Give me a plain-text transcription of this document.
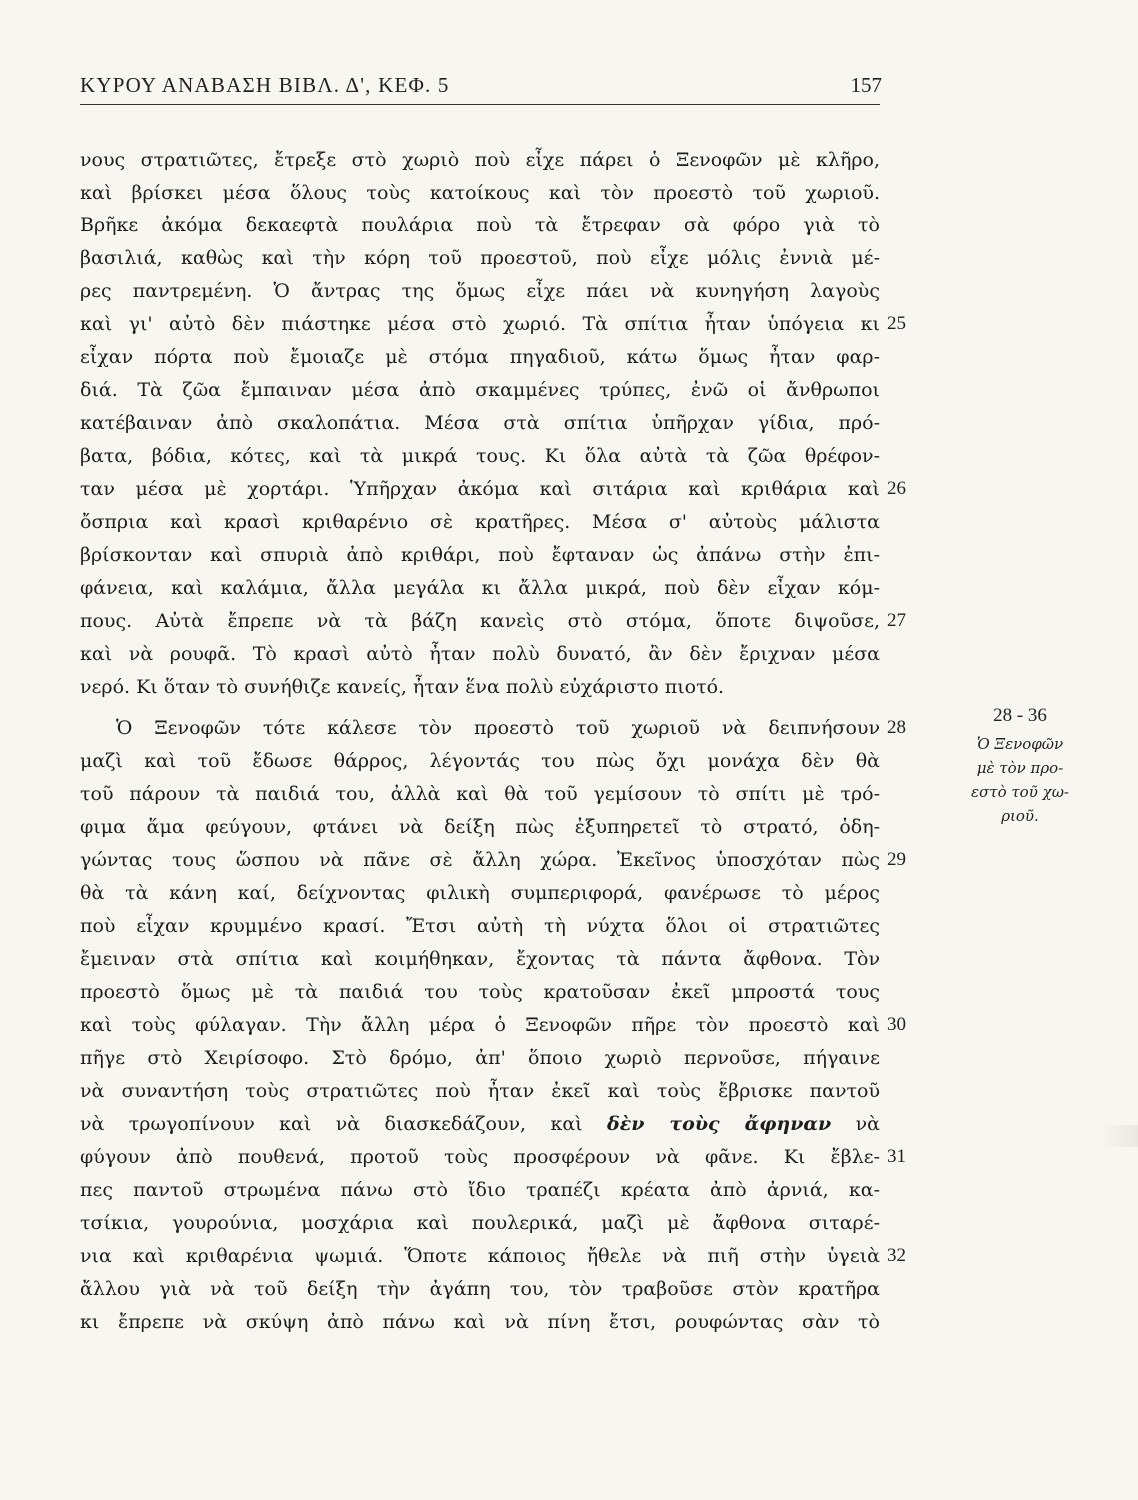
ΚΥΡΟΥ ΑΝΑΒΑΣΗ ΒΙΒΛ. Δ', ΚΕΦ. 5	157
νους στρατιῶτες, ἔτρεξε στὸ χωριὸ ποὺ εἶχε πάρει ὁ Ξενοφῶν μὲ κλῆρο,
καὶ βρίσκει μέσα ὅλους τοὺς κατοίκους καὶ τὸν προεστὸ τοῦ χωριοῦ.
Βρῆκε ἀκόμα δεκαεφτὰ πουλάρια ποὺ τὰ ἔτρεφαν σὰ φόρο γιὰ τὸ
βασιλιά, καθὼς καὶ τὴν κόρη τοῦ προεστοῦ, ποὺ εἶχε μόλις ἐννιὰ μέ-
ρες παντρεμένη. Ὁ ἄντρας της ὅμως εἶχε πάει νὰ κυνηγήση λαγοὺς
καὶ γι' αὐτὸ δὲν πιάστηκε μέσα στὸ χωριό. Τὰ σπίτια ἦταν ὑπόγεια κι
εἶχαν πόρτα ποὺ ἔμοιαζε μὲ στόμα πηγαδιοῦ, κάτω ὅμως ἦταν φαρ-
διά. Τὰ ζῶα ἔμπαιναν μέσα ἀπὸ σκαμμένες τρύπες, ἐνῶ οἱ ἄνθρωποι
κατέβαιναν ἀπὸ σκαλοπάτια. Μέσα στὰ σπίτια ὑπῆρχαν γίδια, πρό-
βατα, βόδια, κότες, καὶ τὰ μικρά τους. Κι ὅλα αὐτὰ τὰ ζῶα θρέφον-
ταν μέσα μὲ χορτάρι. Ὑπῆρχαν ἀκόμα καὶ σιτάρια καὶ κριθάρια καὶ
ὄσπρια καὶ κρασὶ κριθαρένιο σὲ κρατῆρες. Μέσα σ' αὐτοὺς μάλιστα
βρίσκονταν καὶ σπυριὰ ἀπὸ κριθάρι, ποὺ ἔφταναν ὡς ἀπάνω στὴν ἐπι-
φάνεια, καὶ καλάμια, ἄλλα μεγάλα κι ἄλλα μικρά, ποὺ δὲν εἶχαν κόμ-
πους. Αὐτὰ ἔπρεπε νὰ τὰ βάζη κανεὶς στὸ στόμα, ὅποτε διψοῦσε,
καὶ νὰ ρουφᾶ. Τὸ κρασὶ αὐτὸ ἦταν πολὺ δυνατό, ἂν δὲν ἔριχναν μέσα
νερό. Κι ὅταν τὸ συνήθιζε κανείς, ἦταν ἕνα πολὺ εὐχάριστο πιοτό.
Ὁ Ξενοφῶν τότε κάλεσε τὸν προεστὸ τοῦ χωριοῦ νὰ δειπνήσουν
μαζὶ καὶ τοῦ ἔδωσε θάρρος, λέγοντάς του πὼς ὄχι μονάχα δὲν θὰ
τοῦ πάρουν τὰ παιδιά του, ἀλλὰ καὶ θὰ τοῦ γεμίσουν τὸ σπίτι μὲ τρό-
φιμα ἅμα φεύγουν, φτάνει νὰ δείξη πὼς ἐξυπηρετεῖ τὸ στρατό, ὁδη-
γώντας τους ὥσπου νὰ πᾶνε σὲ ἄλλη χώρα. Ἐκεῖνος ὑποσχόταν πὼς
θὰ τὰ κάνη καί, δείχνοντας φιλικὴ συμπεριφορά, φανέρωσε τὸ μέρος
ποὺ εἶχαν κρυμμένο κρασί. Ἔτσι αὐτὴ τὴ νύχτα ὅλοι οἱ στρατιῶτες
ἔμειναν στὰ σπίτια καὶ κοιμήθηκαν, ἔχοντας τὰ πάντα ἄφθονα. Τὸν
προεστὸ ὅμως μὲ τὰ παιδιά του τοὺς κρατοῦσαν ἐκεῖ μπροστά τους
καὶ τοὺς φύλαγαν. Τὴν ἄλλη μέρα ὁ Ξενοφῶν πῆρε τὸν προεστὸ καὶ
πῆγε στὸ Χειρίσοφο. Στὸ δρόμο, ἀπ' ὅποιο χωριὸ περνοῦσε, πήγαινε
νὰ συναντήση τοὺς στρατιῶτες ποὺ ἦταν ἐκεῖ καὶ τοὺς ἔβρισκε παντοῦ
νὰ τρωγοπίνουν καὶ νὰ διασκεδάζουν, καὶ δὲν τοὺς ἄφηναν νὰ
φύγουν ἀπὸ πουθενά, προτοῦ τοὺς προσφέρουν νὰ φᾶνε. Κι ἔβλε-
πες παντοῦ στρωμένα πάνω στὸ ἴδιο τραπέζι κρέατα ἀπὸ ἀρνιά, κα-
τσίκια, γουρούνια, μοσχάρια καὶ πουλερικά, μαζὶ μὲ ἄφθονα σιταρέ-
νια καὶ κριθαρένια ψωμιά. Ὅποτε κάποιος ἤθελε νὰ πιῆ στὴν ὑγειὰ
ἄλλου γιὰ νὰ τοῦ δείξη τὴν ἀγάπη του, τὸν τραβοῦσε στὸν κρατῆρα
κι ἔπρεπε νὰ σκύψη ἀπὸ πάνω καὶ νὰ πίνη ἔτσι, ρουφώντας σὰν τὸ
25
26
27
28
29
30
31
32
28 - 36
Ὁ Ξενοφῶν
μὲ τὸν προ-
εστὸ τοῦ χω-
ριοῦ.
